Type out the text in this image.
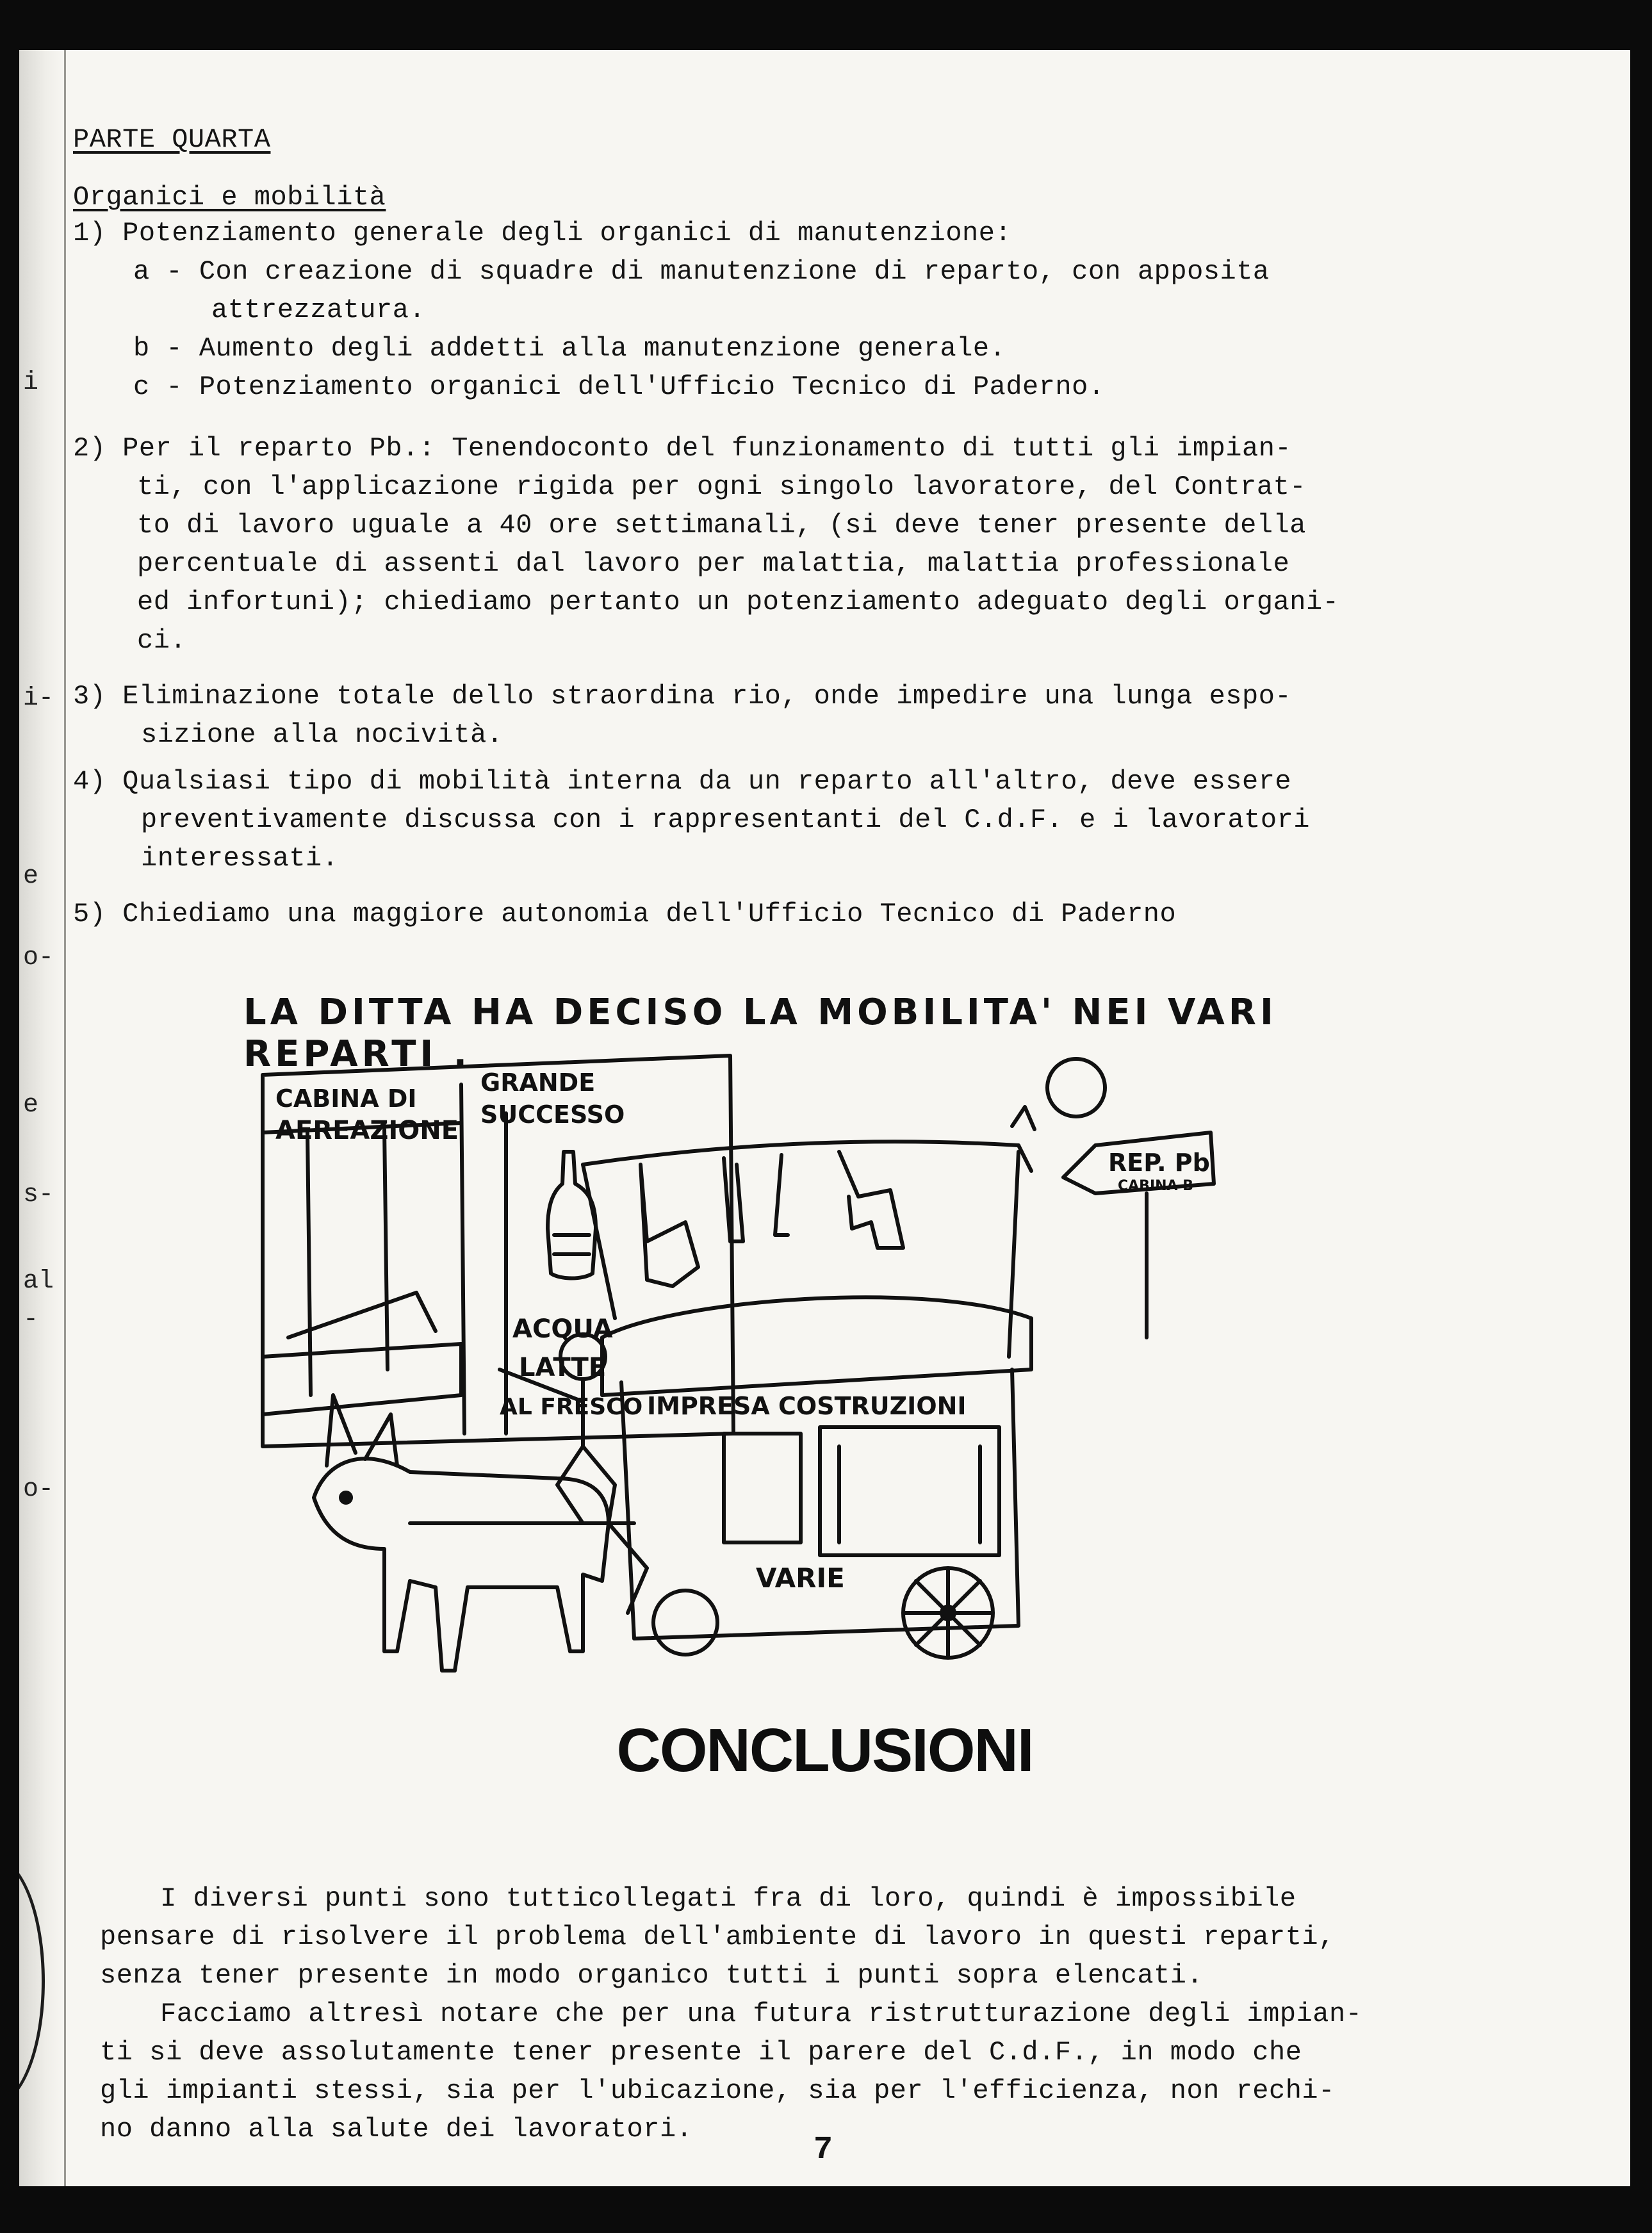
i
i-
e
o-
e
s-
al
-
o-
PARTE QUARTA
Organici e mobilità
1) Potenziamento generale degli organici di manutenzione:
a - Con creazione di squadre di manutenzione di reparto, con apposita
attrezzatura.
b - Aumento degli addetti alla manutenzione generale.
c - Potenziamento organici dell'Ufficio Tecnico di Paderno.
2) Per il reparto Pb.: Tenendoconto del funzionamento di tutti gli impian-
ti, con l'applicazione rigida per ogni singolo lavoratore, del Contrat-
to di lavoro uguale a 40 ore settimanali, (si deve tener presente della
percentuale di assenti dal lavoro per malattia, malattia professionale
ed infortuni); chiediamo pertanto un potenziamento adeguato degli organi-
ci.
3) Eliminazione totale dello straordina rio, onde impedire una lunga espo-
sizione alla nocività.
4) Qualsiasi tipo di mobilità interna da un reparto all'altro, deve essere
preventivamente discussa con i rappresentanti del C.d.F. e i lavoratori
interessati.
5) Chiediamo una maggiore autonomia dell'Ufficio Tecnico di Paderno
LA DITTA HA DECISO LA MOBILITA' NEI VARI REPARTI .
CABINA DI
AEREAZIONE
GRANDE
SUCCESSO
ACQUA
LATTE
AL FRESCO
REP. Pb
CABINA B
IMPRESA COSTRUZIONI
VARIE
CONCLUSIONI
I diversi punti sono tutticollegati fra di loro, quindi è impossibile
pensare di risolvere il problema dell'ambiente di lavoro in questi reparti,
senza tener presente in modo organico tutti i punti sopra elencati.
Facciamo altresì notare che per una futura ristrutturazione degli impian-
ti si deve assolutamente tener presente il parere del C.d.F., in modo che
gli impianti stessi, sia per l'ubicazione, sia per l'efficienza, non rechi-
no danno alla salute dei lavoratori.
7
